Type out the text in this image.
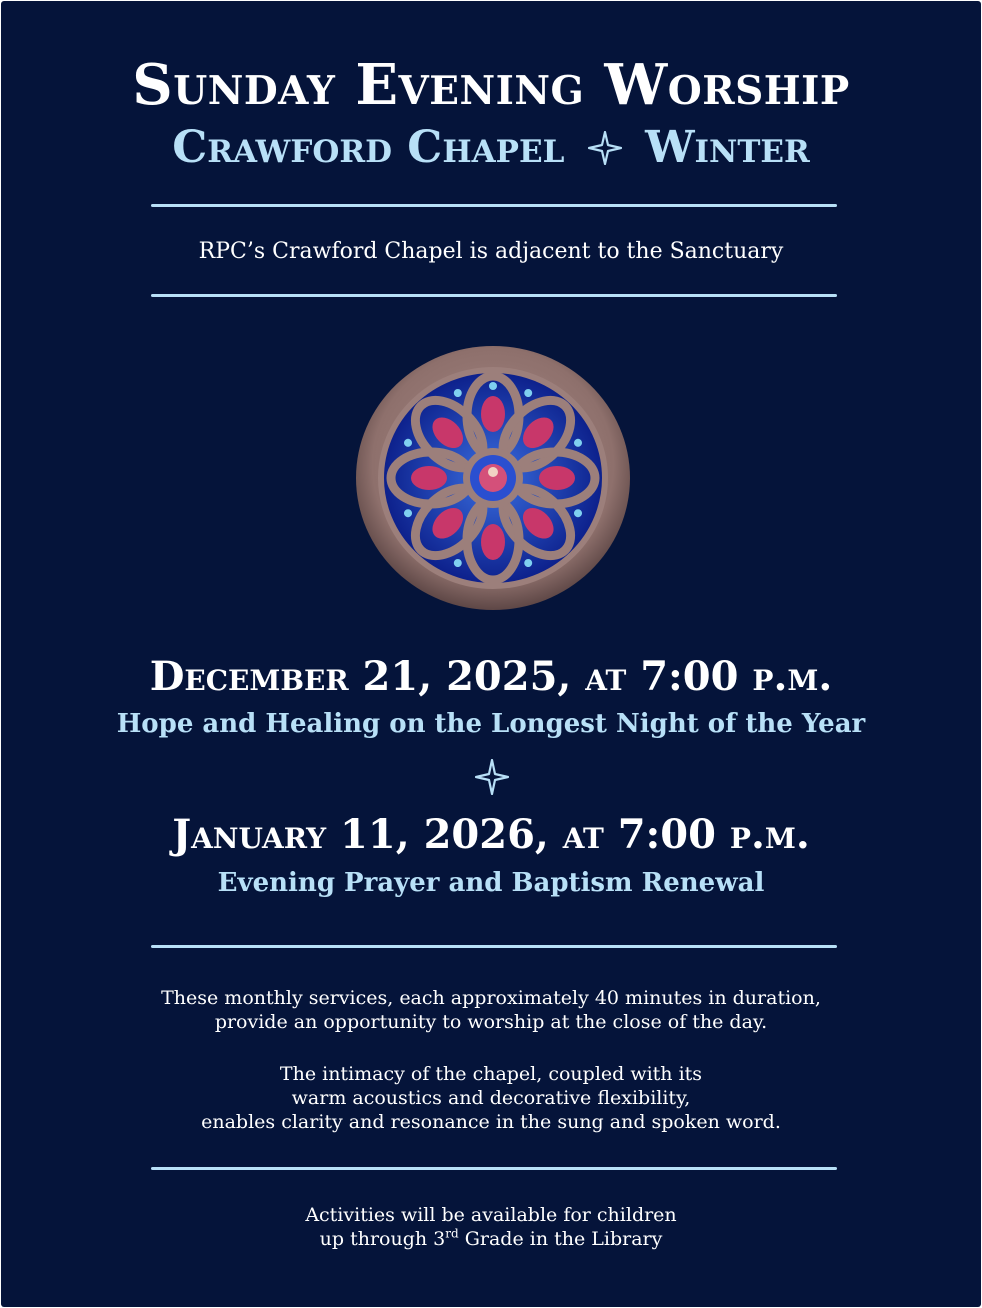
Sunday Evening Worship
Crawford Chapel Winter
RPC’s Crawford Chapel is adjacent to the Sanctuary
December 21, 2025, at 7:00 p.m.
Hope and Healing on the Longest Night of the Year
January 11, 2026, at 7:00 p.m.
Evening Prayer and Baptism Renewal
These monthly services, each approximately 40 minutes in duration,
provide an opportunity to worship at the close of the day.
The intimacy of the chapel, coupled with its
warm acoustics and decorative flexibility,
enables clarity and resonance in the sung and spoken word.
Activities will be available for children
up through 3rd Grade in the Library
